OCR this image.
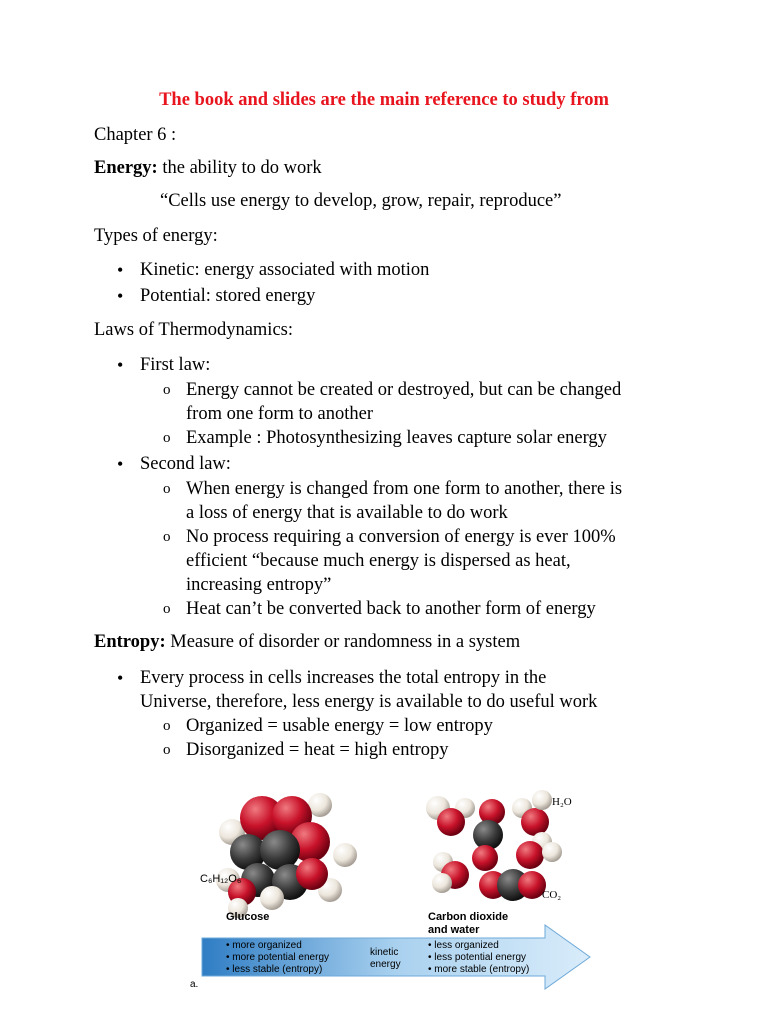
The book and slides are the main reference to study from
Chapter 6 :
Energy: the ability to do work
“Cells use energy to develop, grow, repair, reproduce”
Types of energy:
• Kinetic: energy associated with motion
• Potential: stored energy
Laws of Thermodynamics:
• First law:
o Energy cannot be created or destroyed, but can be changed
from one form to another
o Example : Photosynthesizing leaves capture solar energy
• Second law:
o When energy is changed from one form to another, there is
a loss of energy that is available to do work
o No process requiring a conversion of energy is ever 100%
efficient “because much energy is dispersed as heat,
increasing entropy”
o Heat can’t be converted back to another form of energy
Entropy: Measure of disorder or randomness in a system
• Every process in cells increases the total entropy in the
Universe, therefore, less energy is available to do useful work
o Organized = usable energy = low entropy
o Disorganized = heat = high entropy
C₆H₁₂O₆
H₂O
CO₂
Glucose	Carbon dioxide
and water
• more organized
• more potential energy
• less stable (entropy)
kinetic
energy
• less organized
• less potential energy
• more stable (entropy)
a.
